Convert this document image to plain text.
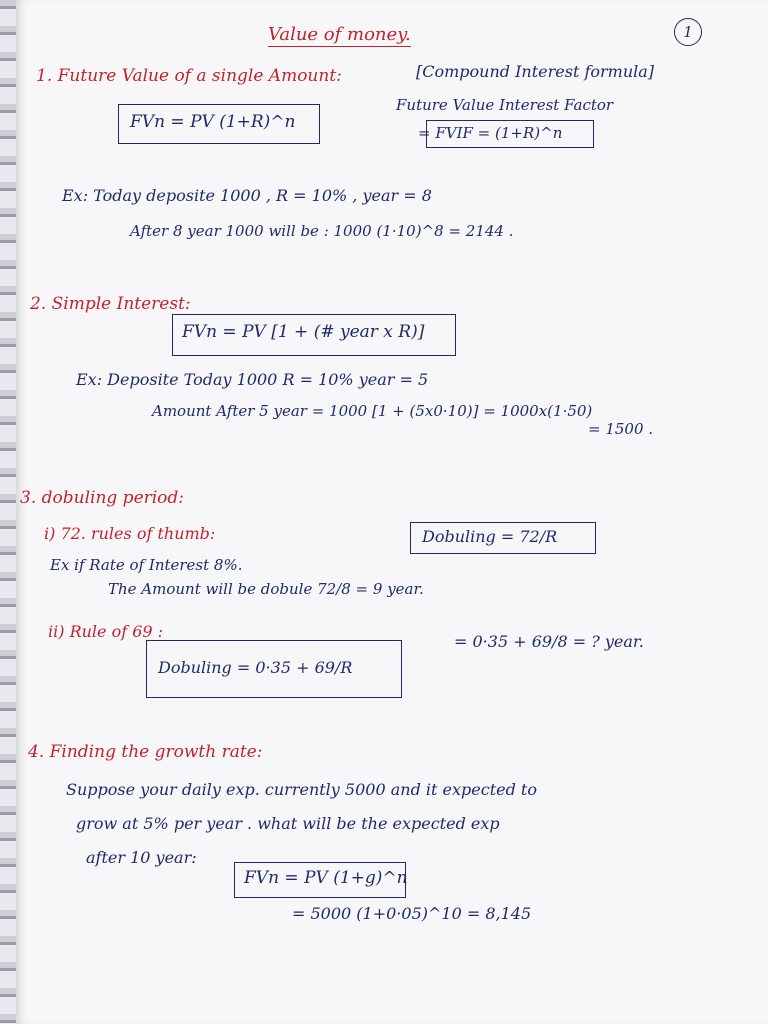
1
Value of money.
1. Future Value of a single Amount:	[Compound Interest formula]
FVn = PV (1+R)^n
Future Value Interest Factor
= FVIF = (1+R)^n
Ex: Today deposite 1000 , R = 10% , year = 8
After 8 year 1000 will be : 1000 (1·10)^8 = 2144 .
2. Simple Interest:
FVn = PV [1 + (# year x R)]
Ex: Deposite Today 1000 R = 10% year = 5
Amount After 5 year = 1000 [1 + (5x0·10)] = 1000x(1·50)
= 1500 .
3. dobuling period:
i) 72. rules of thumb:	Dobuling = 72/R
Ex if Rate of Interest 8%.
The Amount will be dobule 72/8 = 9 year.
ii) Rule of 69 :
= 0·35 + 69/8 = ? year.
Dobuling = 0·35 + 69/R
4. Finding the growth rate:
Suppose your daily exp. currently 5000 and it expected to
grow at 5% per year . what will be the expected exp
after 10 year:
FVn = PV (1+g)^n
= 5000 (1+0·05)^10 = 8,145
